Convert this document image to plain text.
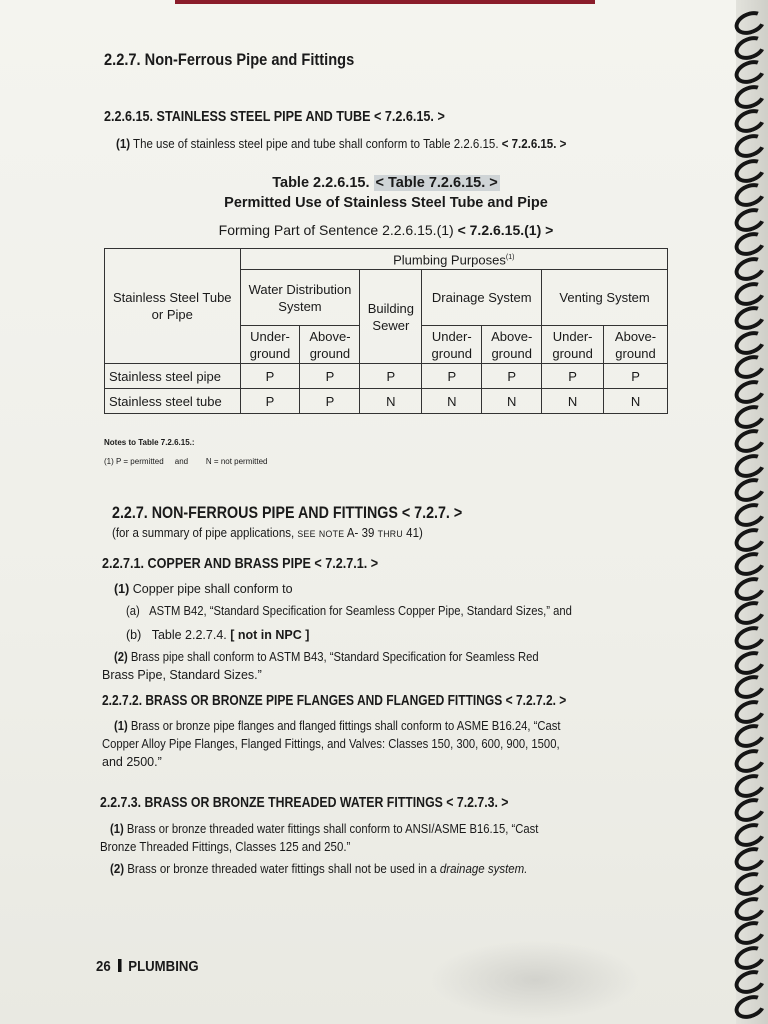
2.2.7. Non-Ferrous Pipe and Fittings
2.2.6.15. STAINLESS STEEL PIPE AND TUBE < 7.2.6.15. >
(1) The use of stainless steel pipe and tube shall conform to Table 2.2.6.15. < 7.2.6.15. >
Table 2.2.6.15. < Table 7.2.6.15. >
Permitted Use of Stainless Steel Tube and Pipe
Forming Part of Sentence 2.2.6.15.(1) < 7.2.6.15.(1) >
Stainless Steel Tube or Pipe	Plumbing Purposes$^{(1)}$
	Water Distribution System		Building Sewer	Drainage System		Venting System	
	Under-ground	Above-ground		Under-ground	Above-ground	Under-ground	Above-ground
Stainless steel pipe	P	P	P	P	P	P	P
Stainless steel tube	P	P	N	N	N	N	N
Notes to Table 7.2.6.15.:
(1) P = permitted and N = not permitted
2.2.7. NON-FERROUS PIPE AND FITTINGS < 7.2.7. >
(for a summary of pipe applications, SEE NOTE A- 39 THRU 41)
2.2.7.1. COPPER AND BRASS PIPE < 7.2.7.1. >
(1) Copper pipe shall conform to
(a) ASTM B42, “Standard Specification for Seamless Copper Pipe, Standard Sizes,” and
(b) Table 2.2.7.4. [ not in NPC ]
(2) Brass pipe shall conform to ASTM B43, “Standard Specification for Seamless Red
Brass Pipe, Standard Sizes.”
2.2.7.2. BRASS OR BRONZE PIPE FLANGES AND FLANGED FITTINGS < 7.2.7.2. >
(1) Brass or bronze pipe flanges and flanged fittings shall conform to ASME B16.24, “Cast
Copper Alloy Pipe Flanges, Flanged Fittings, and Valves: Classes 150, 300, 600, 900, 1500,
and 2500.”
2.2.7.3. BRASS OR BRONZE THREADED WATER FITTINGS < 7.2.7.3. >
(1) Brass or bronze threaded water fittings shall conform to ANSI/ASME B16.15, “Cast
Bronze Threaded Fittings, Classes 125 and 250.”
(2) Brass or bronze threaded water fittings shall not be used in a drainage system.
26 PLUMBING
